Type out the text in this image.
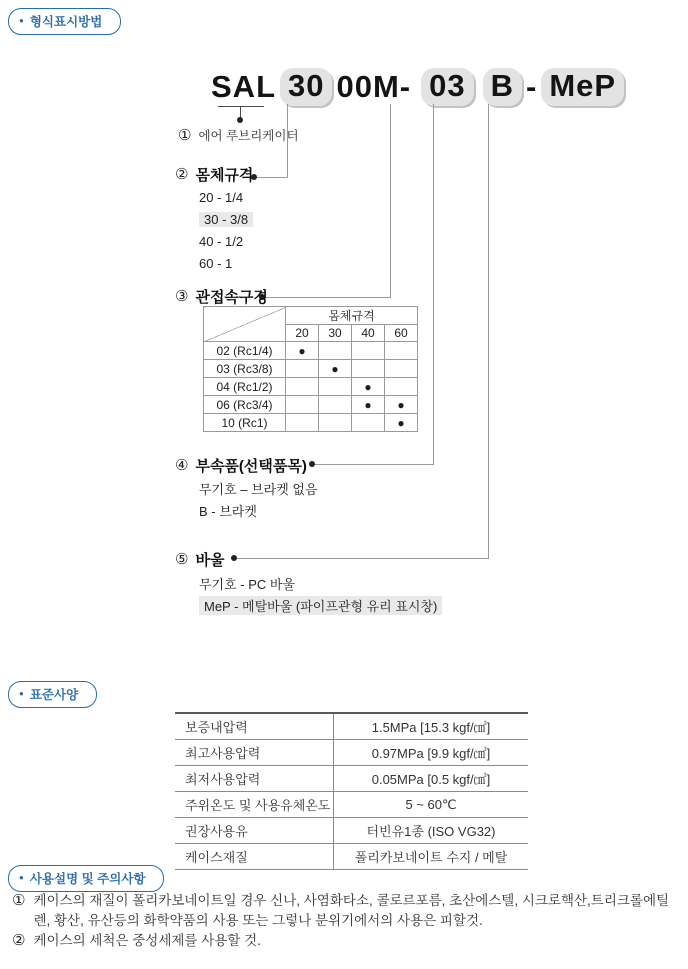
● 형식표시방법
SAL 30 00M- 03 B - MeP
① 에어 루브리케이터
② 몸체규격
20 - 1/4
30 - 3/8
40 - 1/2
60 - 1
③ 관접속구경
	몸체규격			
	20	30	40	60
02 (Rc1/4)	●			
03 (Rc3/8)		●		
04 (Rc1/2)			●	
06 (Rc3/4)			●	●
10 (Rc1)				●
④ 부속품(선택품목)
무기호 – 브라켓 없음
B - 브라켓
⑤ 바울
무기호 - PC 바울
MeP - 메탈바울 (파이프관형 유리 표시창)
● 표준사양
보증내압력	1.5MPa [15.3 kgf/㎠]
최고사용압력	0.97MPa [9.9 kgf/㎠]
최저사용압력	0.05MPa [0.5 kgf/㎠]
주위온도 및 사용유체온도	5 ~ 60℃
권장사용유	터빈유1종 (ISO VG32)
케이스재질	폴리카보네이트 수지 / 메탈
● 사용설명 및 주의사항
① 케이스의 재질이 폴리카보네이트일 경우 신나, 사염화타소, 콜로르포름, 초산에스텔, 시크로핵산,트리크롤에틸렌, 황산, 유산등의 화학약품의 사용 또는 그렇나 분위기에서의 사용은 피할것.
② 케이스의 세척은 중성세제를 사용할 것.
